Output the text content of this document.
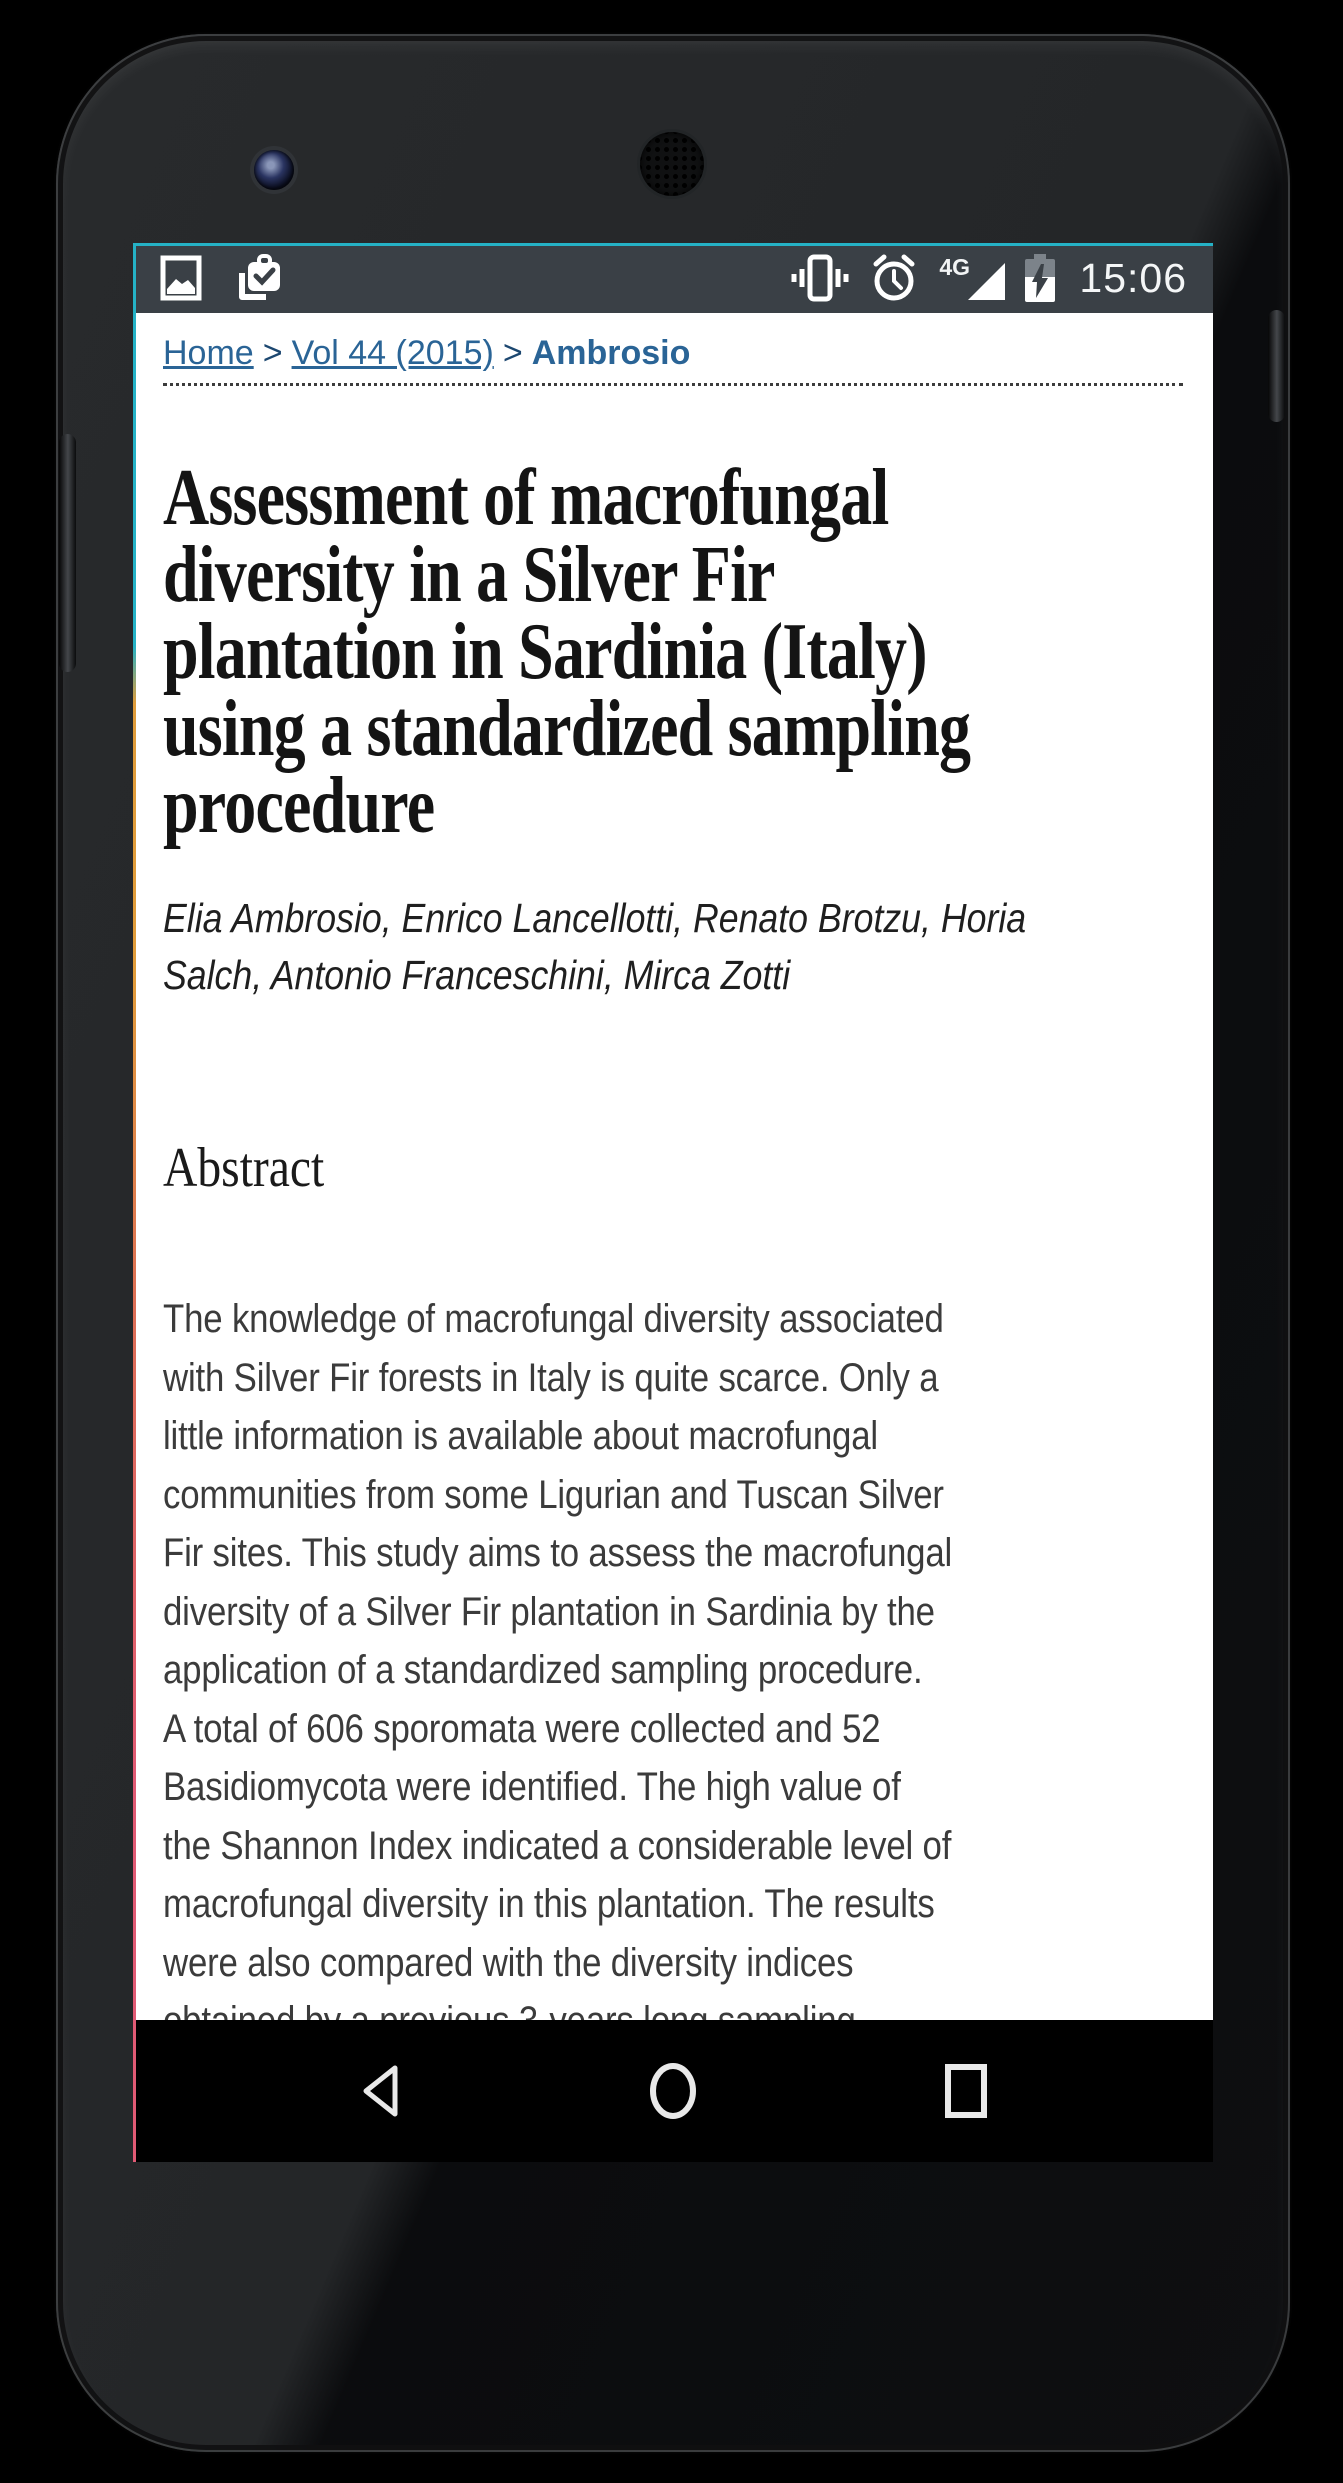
4G	15:06
Home > Vol 44 (2015) > Ambrosio
Assessment of macrofungal
diversity in a Silver Fir
plantation in Sardinia (Italy)
using a standardized sampling
procedure
Elia Ambrosio, Enrico Lancellotti, Renato Brotzu, Horia
Salch, Antonio Franceschini, Mirca Zotti
Abstract

The knowledge of macrofungal diversity associated
with Silver Fir forests in Italy is quite scarce. Only a
little information is available about macrofungal
communities from some Ligurian and Tuscan Silver
Fir sites. This study aims to assess the macrofungal
diversity of a Silver Fir plantation in Sardinia by the
application of a standardized sampling procedure.
A total of 606 sporomata were collected and 52
Basidiomycota were identified. The high value of
the Shannon Index indicated a considerable level of
macrofungal diversity in this plantation. The results
were also compared with the diversity indices
